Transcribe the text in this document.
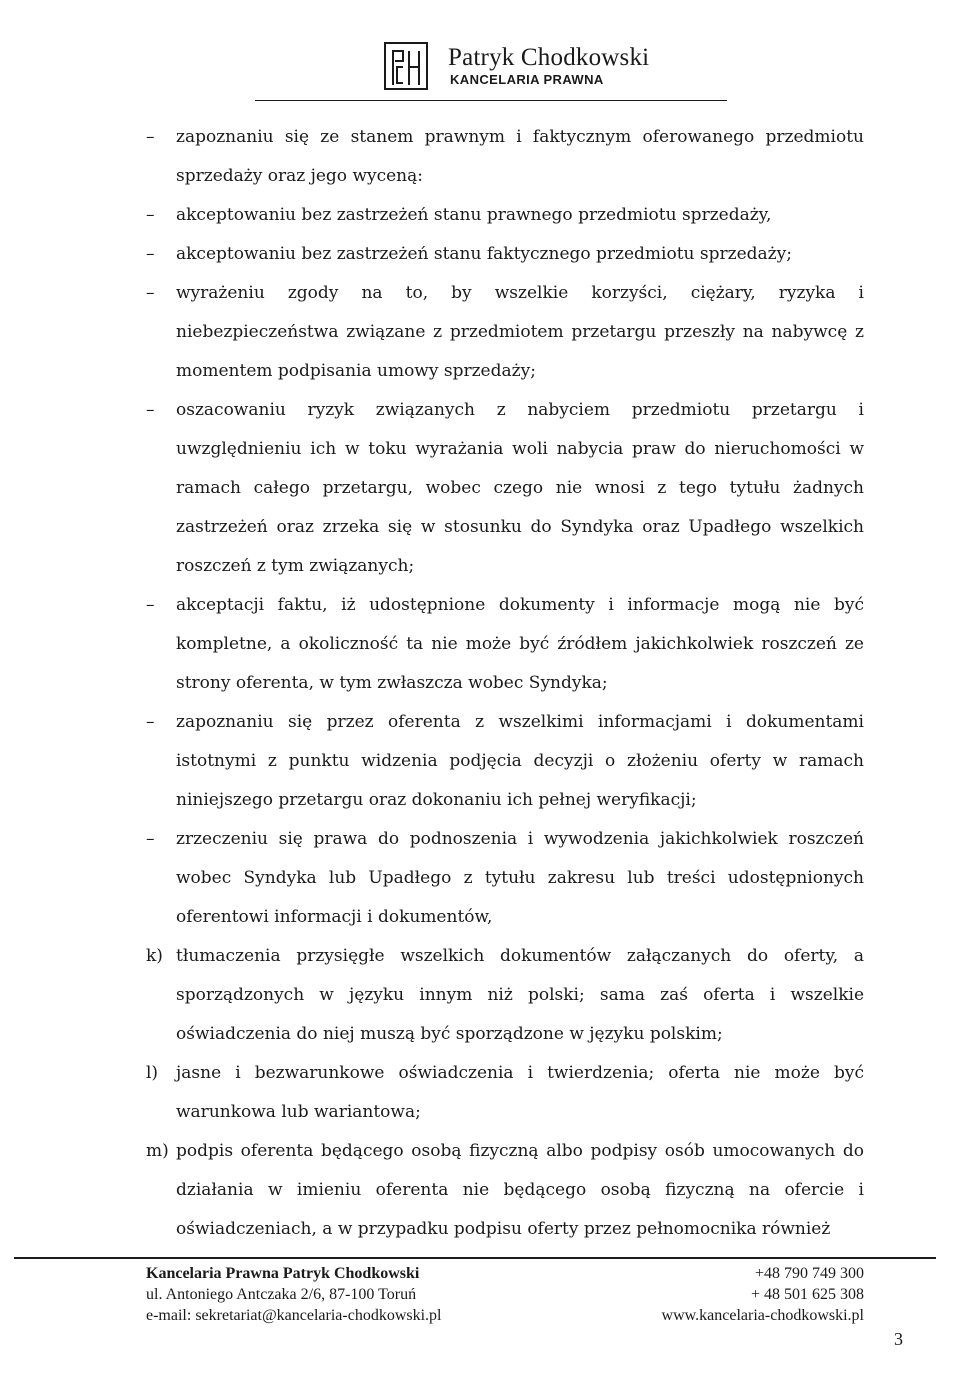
Patryk Chodkowski
KANCELARIA PRAWNA
–	zapoznaniu się ze stanem prawnym i faktycznym oferowanego przedmiotu sprzedaży oraz jego wyceną:
–	akceptowaniu bez zastrzeżeń stanu prawnego przedmiotu sprzedaży,
–	akceptowaniu bez zastrzeżeń stanu faktycznego przedmiotu sprzedaży;
–	wyrażeniu zgody na to, by wszelkie korzyści, ciężary, ryzyka i niebezpieczeństwa związane z przedmiotem przetargu przeszły na nabywcę z momentem podpisania umowy sprzedaży;
–	oszacowaniu ryzyk związanych z nabyciem przedmiotu przetargu i uwzględnieniu ich w toku wyrażania woli nabycia praw do nieruchomości w ramach całego przetargu, wobec czego nie wnosi z tego tytułu żadnych zastrzeżeń oraz zrzeka się w stosunku do Syndyka oraz Upadłego wszelkich roszczeń z tym związanych;
–	akceptacji faktu, iż udostępnione dokumenty i informacje mogą nie być kompletne, a okoliczność ta nie może być źródłem jakichkolwiek roszczeń ze strony oferenta, w tym zwłaszcza wobec Syndyka;
–	zapoznaniu się przez oferenta z wszelkimi informacjami i dokumentami istotnymi z punktu widzenia podjęcia decyzji o złożeniu oferty w ramach niniejszego przetargu oraz dokonaniu ich pełnej weryfikacji;
–	zrzeczeniu się prawa do podnoszenia i wywodzenia jakichkolwiek roszczeń wobec Syndyka lub Upadłego z tytułu zakresu lub treści udostępnionych oferentowi informacji i dokumentów,
k) tłumaczenia przysięgłe wszelkich dokumentów załączanych do oferty, a sporządzonych w języku innym niż polski; sama zaś oferta i wszelkie oświadczenia do niej muszą być sporządzone w języku polskim;
l)	jasne i bezwarunkowe oświadczenia i twierdzenia; oferta nie może być warunkowa lub wariantowa;
m) podpis oferenta będącego osobą fizyczną albo podpisy osób umocowanych do działania w imieniu oferenta nie będącego osobą fizyczną na ofercie i oświadczeniach, a w przypadku podpisu oferty przez pełnomocnika również
Kancelaria Prawna Patryk Chodkowski	+48 790 749 300
ul. Antoniego Antczaka 2/6, 87-100 Toruń	+ 48 501 625 308
e-mail: sekretariat@kancelaria-chodkowski.pl	www.kancelaria-chodkowski.pl
3
